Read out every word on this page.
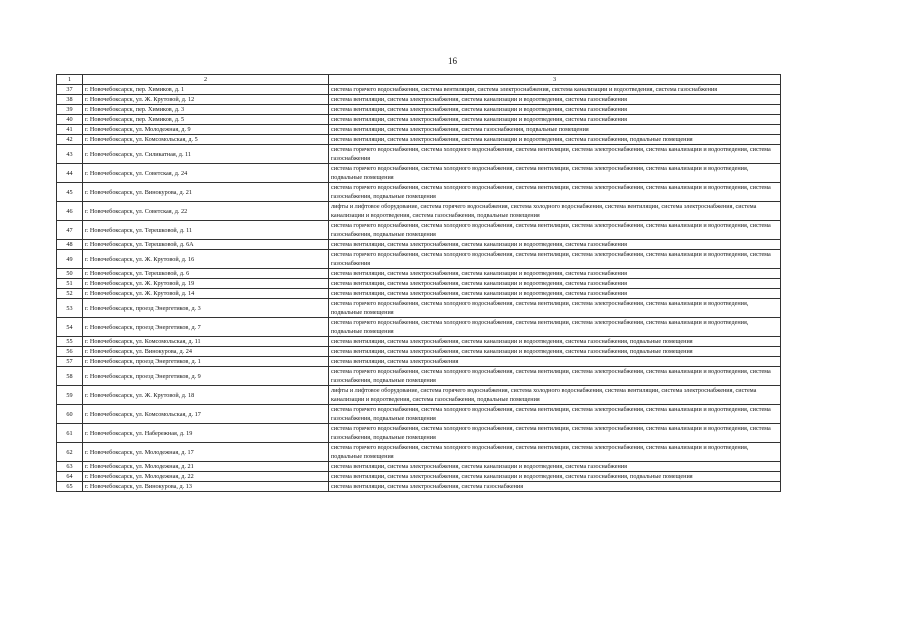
16
1	2	3
37	г. Новочебоксарск, пер. Химиков, д. 1	система горячего водоснабжения, система вентиляции, система электроснабжения, система канализации и водоотведения, система газоснабжения
38	г. Новочебоксарск, ул. Ж. Крутовой, д. 12	система вентиляции, система электроснабжения, система канализации и водоотведения, система газоснабжения
39	г. Новочебоксарск, пер. Химиков, д. 3	система вентиляции, система электроснабжения, система канализации и водоотведения, система газоснабжения
40	г. Новочебоксарск, пер. Химиков, д. 5	система вентиляции, система электроснабжения, система канализации и водоотведения, система газоснабжения
41	г. Новочебоксарск, ул. Молодежная, д. 9	система вентиляции, система электроснабжения, система газоснабжения, подвальные помещения
42	г. Новочебоксарск, ул. Комсомольская, д. 5	система вентиляции, система электроснабжения, система канализации и водоотведения, система газоснабжения, подвальные помещения
43	г. Новочебоксарск, ул. Силикатная, д. 11	система горячего водоснабжения, система холодного водоснабжения, система вентиляции, система электроснабжения, система канализации и водоотведения, система газоснабжения
44	г. Новочебоксарск, ул. Советская, д. 24	система горячего водоснабжения, система холодного водоснабжения, система вентиляции, система электроснабжения, система канализации и водоотведения, подвальные помещения
45	г. Новочебоксарск, ул. Винокурова, д. 21	система горячего водоснабжения, система холодного водоснабжения, система вентиляции, система электроснабжения, система канализации и водоотведения, система газоснабжения, подвальные помещения
46	г. Новочебоксарск, ул. Советская, д. 22	лифты и лифтовое оборудование, система горячего водоснабжения, система холодного водоснабжения, система вентиляции, система электроснабжения, система канализации и водоотведения, система газоснабжения, подвальные помещения
47	г. Новочебоксарск, ул. Терешковой, д. 11	система горячего водоснабжения, система холодного водоснабжения, система вентиляции, система электроснабжения, система канализации и водоотведения, система газоснабжения, подвальные помещения
48	г. Новочебоксарск, ул. Терешковой, д. 6А	система вентиляции, система электроснабжения, система канализации и водоотведения, система газоснабжения
49	г. Новочебоксарск, ул. Ж. Крутовой, д. 16	система горячего водоснабжения, система холодного водоснабжения, система вентиляции, система электроснабжения, система канализации и водоотведения, система газоснабжения
50	г. Новочебоксарск, ул. Терешковой, д. 6	система вентиляции, система электроснабжения, система канализации и водоотведения, система газоснабжения
51	г. Новочебоксарск, ул. Ж. Крутовой, д. 19	система вентиляции, система электроснабжения, система канализации и водоотведения, система газоснабжения
52	г. Новочебоксарск, ул. Ж. Крутовой, д. 14	система вентиляции, система электроснабжения, система канализации и водоотведения, система газоснабжения
53	г. Новочебоксарск, проезд Энергетиков, д. 3	система горячего водоснабжения, система холодного водоснабжения, система вентиляции, система электроснабжения, система канализации и водоотведения, подвальные помещения
54	г. Новочебоксарск, проезд Энергетиков, д. 7	система горячего водоснабжения, система холодного водоснабжения, система вентиляции, система электроснабжения, система канализации и водоотведения, подвальные помещения
55	г. Новочебоксарск, ул. Комсомольская, д. 11	система вентиляции, система электроснабжения, система канализации и водоотведения, система газоснабжения, подвальные помещения
56	г. Новочебоксарск, ул. Винокурова, д. 24	система вентиляции, система электроснабжения, система канализации и водоотведения, система газоснабжения, подвальные помещения
57	г. Новочебоксарск, проезд Энергетиков, д. 1	система вентиляции, система электроснабжения
58	г. Новочебоксарск, проезд Энергетиков, д. 9	система горячего водоснабжения, система холодного водоснабжения, система вентиляции, система электроснабжения, система канализации и водоотведения, система газоснабжения, подвальные помещения
59	г. Новочебоксарск, ул. Ж. Крутовой, д. 18	лифты и лифтовое оборудование, система горячего водоснабжения, система холодного водоснабжения, система вентиляции, система электроснабжения, система канализации и водоотведения, система газоснабжения, подвальные помещения
60	г. Новочебоксарск, ул. Комсомольская, д. 17	система горячего водоснабжения, система холодного водоснабжения, система вентиляции, система электроснабжения, система канализации и водоотведения, система газоснабжения, подвальные помещения
61	г. Новочебоксарск, ул. Набережная, д. 19	система горячего водоснабжения, система холодного водоснабжения, система вентиляции, система электроснабжения, система канализации и водоотведения, система газоснабжения, подвальные помещения
62	г. Новочебоксарск, ул. Молодежная, д. 17	система горячего водоснабжения, система холодного водоснабжения, система вентиляции, система электроснабжения, система канализации и водоотведения, подвальные помещения
63	г. Новочебоксарск, ул. Молодежная, д. 21	система вентиляции, система электроснабжения, система канализации и водоотведения, система газоснабжения
64	г. Новочебоксарск, ул. Молодежная, д. 22	система вентиляции, система электроснабжения, система канализации и водоотведения, система газоснабжения, подвальные помещения
65	г. Новочебоксарск, ул. Винокурова, д. 13	система вентиляции, система электроснабжения, система газоснабжения
